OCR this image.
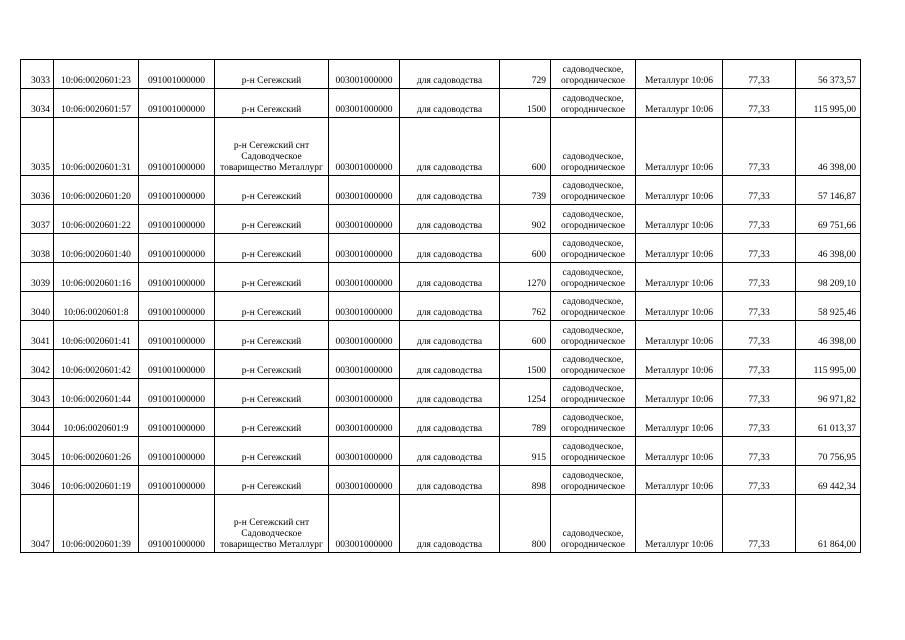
3033	10:06:0020601:23	091001000000	р-н Сегежский	003001000000	для садоводства	729	садоводческое, огородническое	Металлург 10:06	77,33	56 373,57
3034	10:06:0020601:57	091001000000	р-н Сегежский	003001000000	для садоводства	1500	садоводческое, огородническое	Металлург 10:06	77,33	115 995,00
3035	10:06:0020601:31	091001000000	р-н Сегежский снт Садоводческое товарищество Металлург	003001000000	для садоводства	600	садоводческое, огородническое	Металлург 10:06	77,33	46 398,00
3036	10:06:0020601:20	091001000000	р-н Сегежский	003001000000	для садоводства	739	садоводческое, огородническое	Металлург 10:06	77,33	57 146,87
3037	10:06:0020601:22	091001000000	р-н Сегежский	003001000000	для садоводства	902	садоводческое, огородническое	Металлург 10:06	77,33	69 751,66
3038	10:06:0020601:40	091001000000	р-н Сегежский	003001000000	для садоводства	600	садоводческое, огородническое	Металлург 10:06	77,33	46 398,00
3039	10:06:0020601:16	091001000000	р-н Сегежский	003001000000	для садоводства	1270	садоводческое, огородническое	Металлург 10:06	77,33	98 209,10
3040	10:06:0020601:8	091001000000	р-н Сегежский	003001000000	для садоводства	762	садоводческое, огородническое	Металлург 10:06	77,33	58 925,46
3041	10:06:0020601:41	091001000000	р-н Сегежский	003001000000	для садоводства	600	садоводческое, огородническое	Металлург 10:06	77,33	46 398,00
3042	10:06:0020601:42	091001000000	р-н Сегежский	003001000000	для садоводства	1500	садоводческое, огородническое	Металлург 10:06	77,33	115 995,00
3043	10:06:0020601:44	091001000000	р-н Сегежский	003001000000	для садоводства	1254	садоводческое, огородническое	Металлург 10:06	77,33	96 971,82
3044	10:06:0020601:9	091001000000	р-н Сегежский	003001000000	для садоводства	789	садоводческое, огородническое	Металлург 10:06	77,33	61 013,37
3045	10:06:0020601:26	091001000000	р-н Сегежский	003001000000	для садоводства	915	садоводческое, огородническое	Металлург 10:06	77,33	70 756,95
3046	10:06:0020601:19	091001000000	р-н Сегежский	003001000000	для садоводства	898	садоводческое, огородническое	Металлург 10:06	77,33	69 442,34
3047	10:06:0020601:39	091001000000	р-н Сегежский снт Садоводческое товарищество Металлург	003001000000	для садоводства	800	садоводческое, огородническое	Металлург 10:06	77,33	61 864,00
